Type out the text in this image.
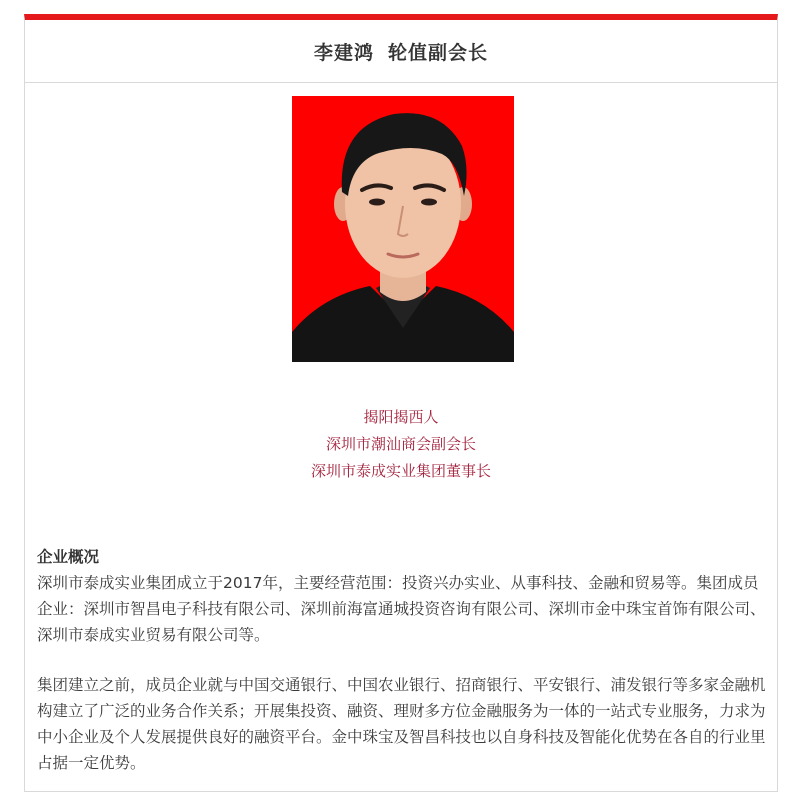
李建鸿 轮值副会长
揭阳揭西人
深圳市潮汕商会副会长
深圳市泰成实业集团董事长
企业概况

深圳市泰成实业集团成立于2017年，主要经营范围：投资兴办实业、从事科技、金融和贸易等。集团成员企业：深圳市智昌电子科技有限公司、深圳前海富通城投资咨询有限公司、深圳市金中珠宝首饰有限公司、深圳市泰成实业贸易有限公司等。

集团建立之前，成员企业就与中国交通银行、中国农业银行、招商银行、平安银行、浦发银行等多家金融机构建立了广泛的业务合作关系；开展集投资、融资、理财多方位金融服务为一体的一站式专业服务，力求为中小企业及个人发展提供良好的融资平台。金中珠宝及智昌科技也以自身科技及智能化优势在各自的行业里占据一定优势。
